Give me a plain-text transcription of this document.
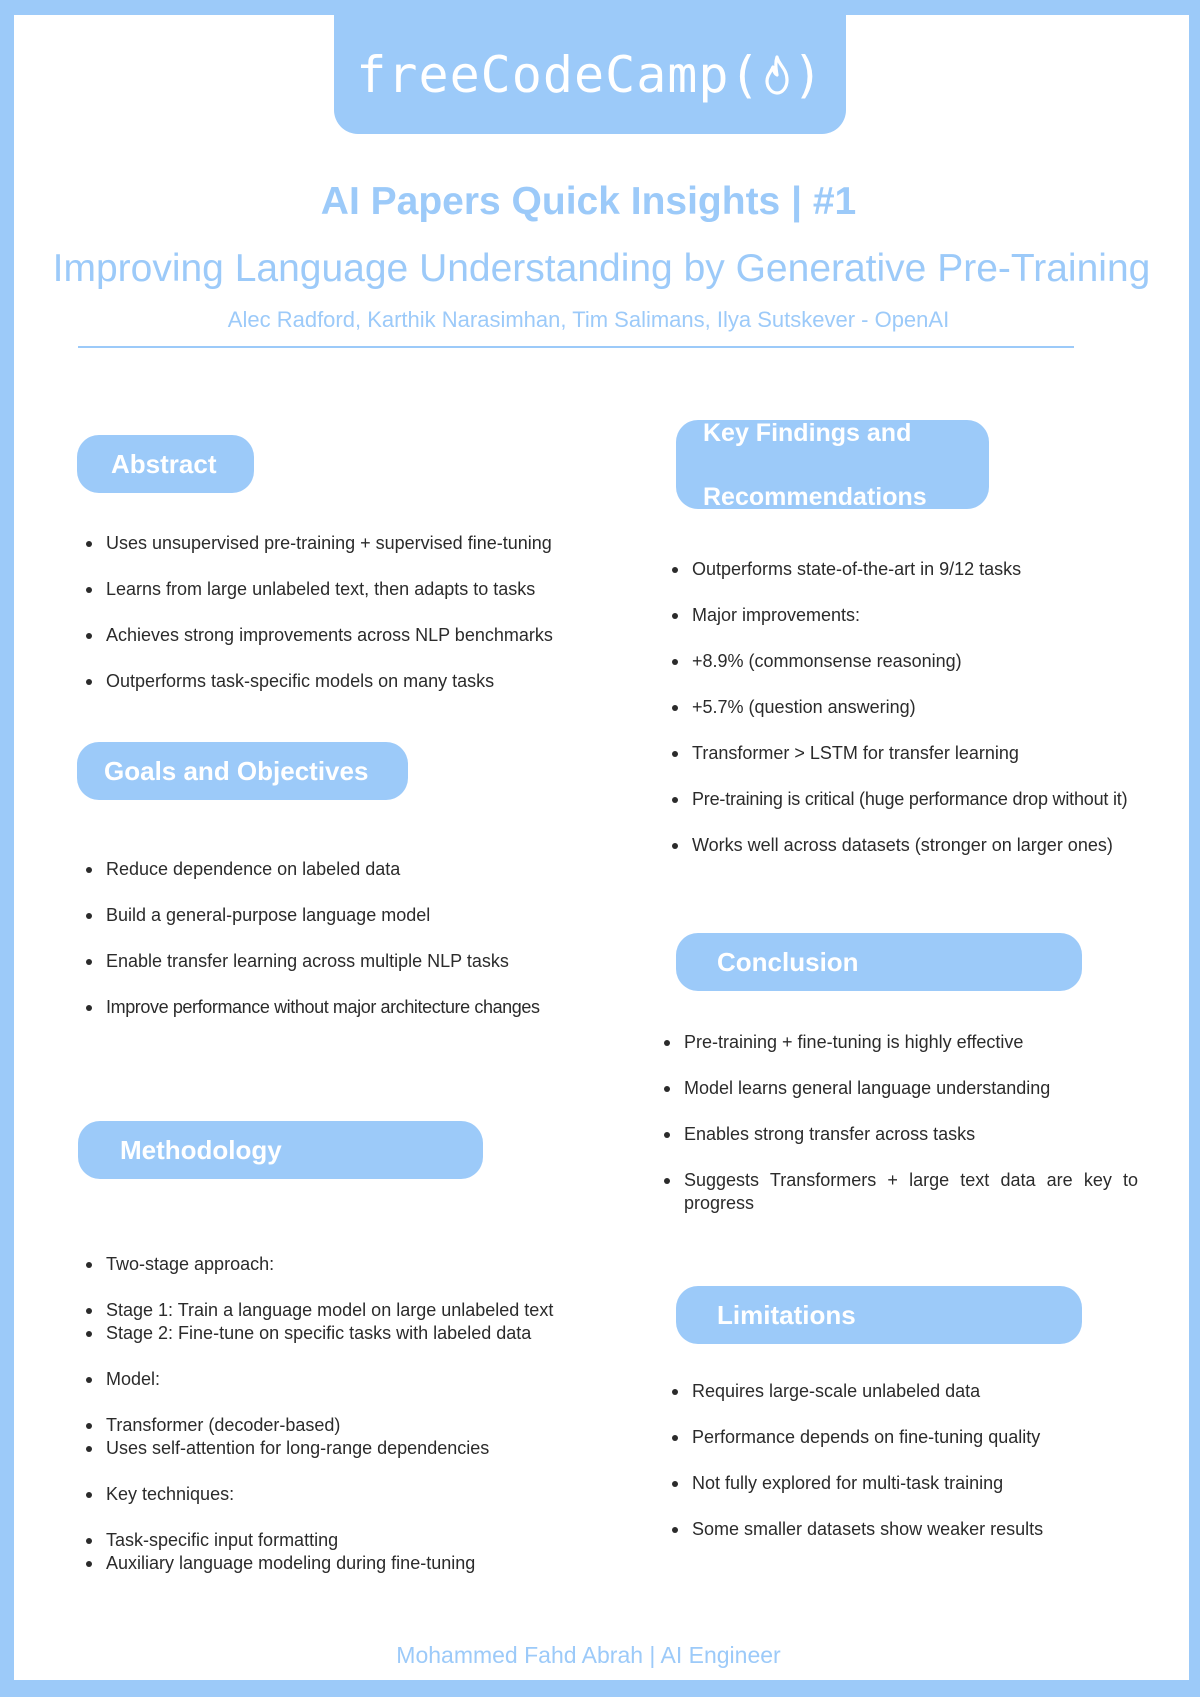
freeCodeCamp ( )
AI Papers Quick Insights | #1
Improving Language Understanding by Generative Pre-Training
Alec Radford, Karthik Narasimhan, Tim Salimans, Ilya Sutskever - OpenAI
Abstract
Uses unsupervised pre-training + supervised fine-tuning
Learns from large unlabeled text, then adapts to tasks
Achieves strong improvements across NLP benchmarks
Outperforms task-specific models on many tasks
Goals and Objectives
Reduce dependence on labeled data
Build a general-purpose language model
Enable transfer learning across multiple NLP tasks
Improve performance without major architecture changes
Methodology
Two-stage approach:
Stage 1: Train a language model on large unlabeled text
Stage 2: Fine-tune on specific tasks with labeled data
Model:
Transformer (decoder-based)
Uses self-attention for long-range dependencies
Key techniques:
Task-specific input formatting
Auxiliary language modeling during fine-tuning
Key Findings and

Recommendations
Outperforms state-of-the-art in 9/12 tasks
Major improvements:
+8.9% (commonsense reasoning)
+5.7% (question answering)
Transformer > LSTM for transfer learning
Pre-training is critical (huge performance drop without it)
Works well across datasets (stronger on larger ones)
Conclusion
Pre-training + fine-tuning is highly effective
Model learns general language understanding
Enables strong transfer across tasks
Suggests Transformers + large text data are key to progress
Limitations
Requires large-scale unlabeled data
Performance depends on fine-tuning quality
Not fully explored for multi-task training
Some smaller datasets show weaker results
Mohammed Fahd Abrah | AI Engineer
